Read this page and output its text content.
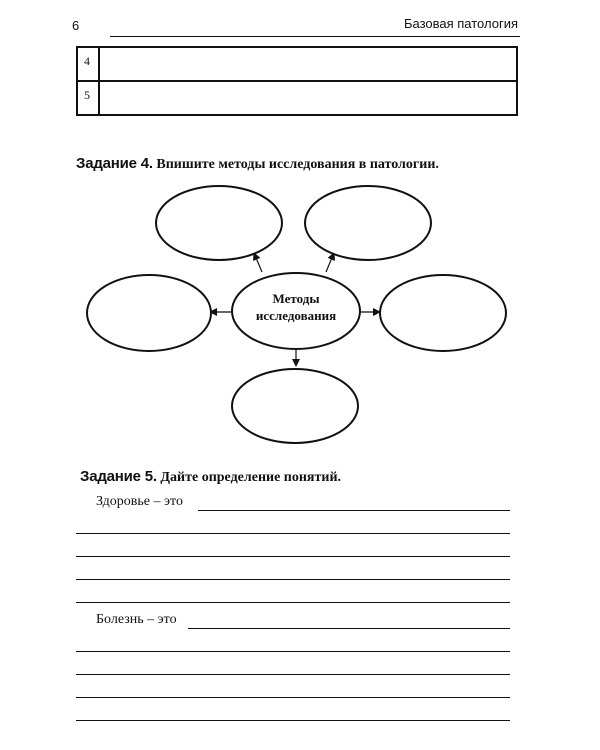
6	Базовая патология
4	
5	
Задание 4. Впишите методы исследования в патологии.
Методы
исследования
Задание 5. Дайте определение понятий.
Здоровье – это
Болезнь – это
